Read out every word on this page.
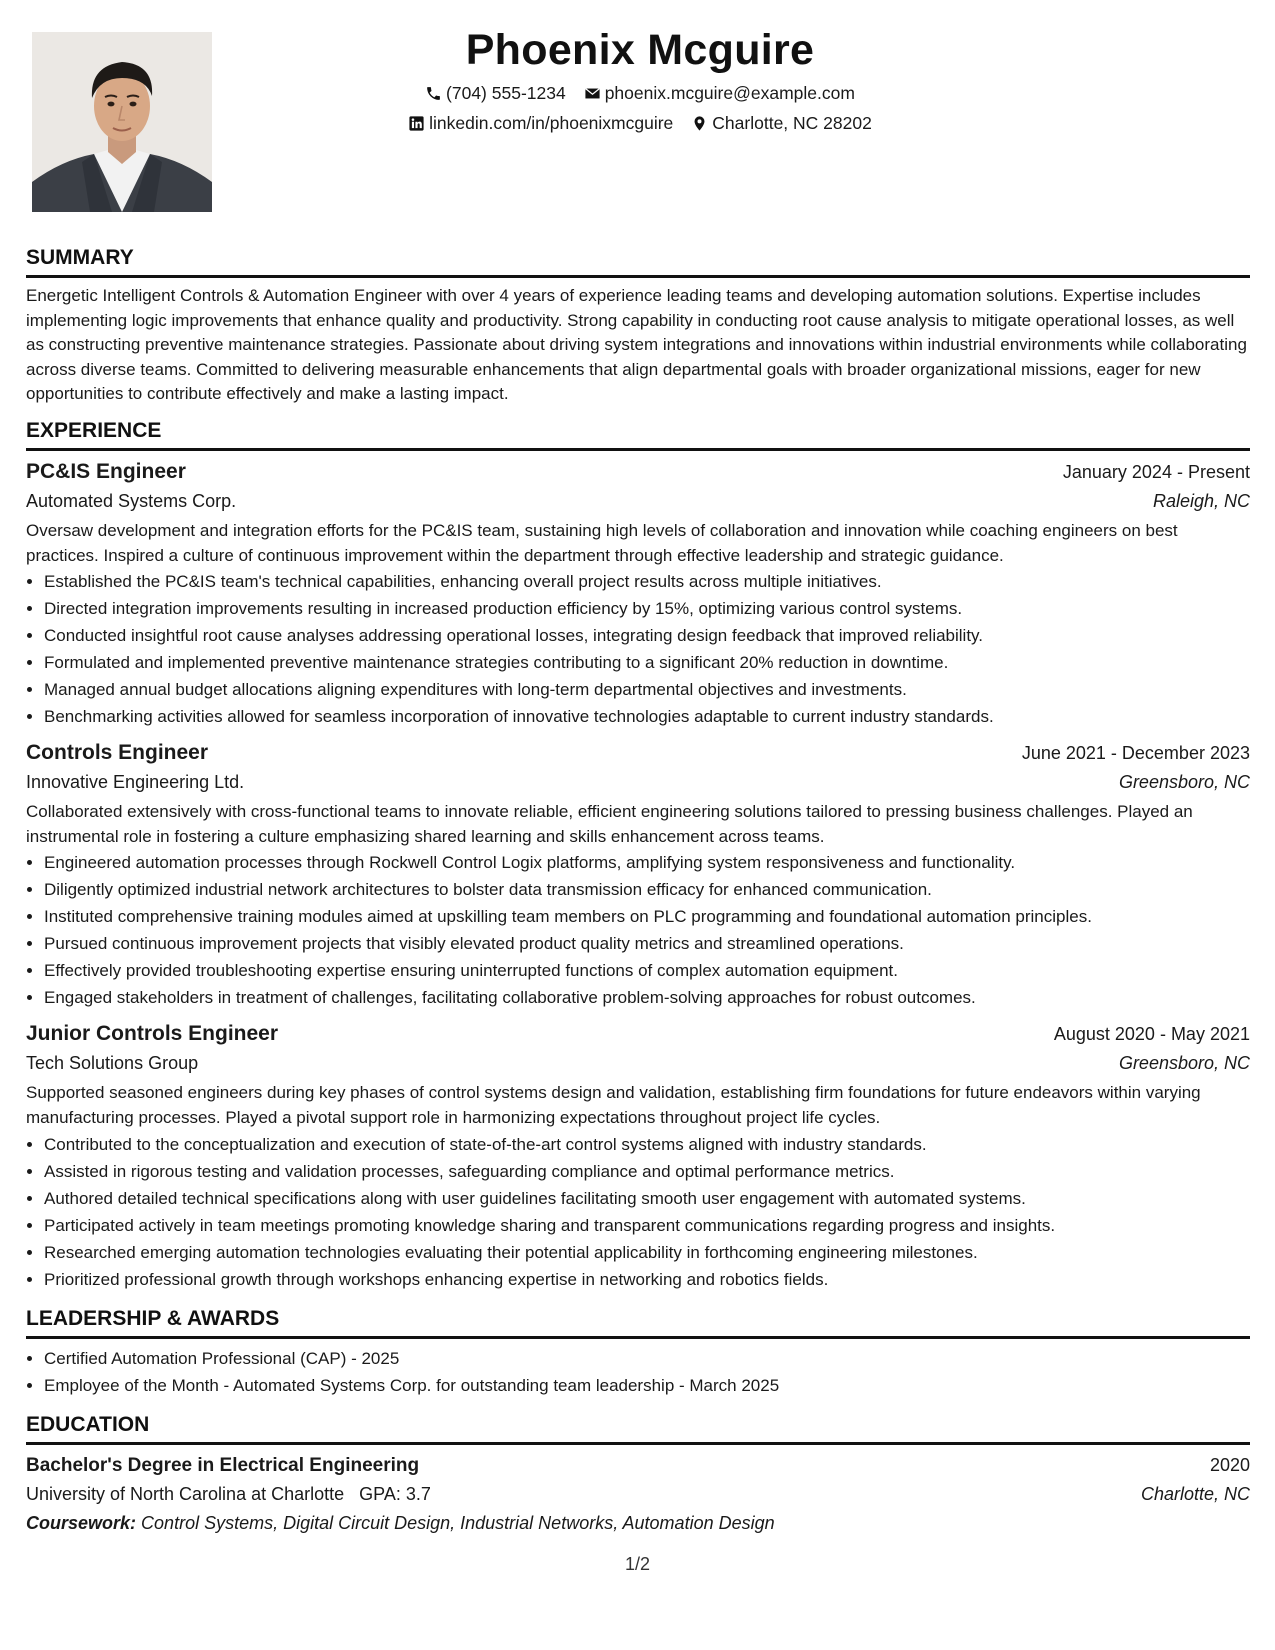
Phoenix Mcguire
(704) 555-1234 phoenix.mcguire@example.com
linkedin.com/in/phoenixmcguire Charlotte, NC 28202
SUMMARY

Energetic Intelligent Controls & Automation Engineer with over 4 years of experience leading teams and developing automation solutions. Expertise includes implementing logic improvements that enhance quality and productivity. Strong capability in conducting root cause analysis to mitigate operational losses, as well as constructing preventive maintenance strategies. Passionate about driving system integrations and innovations within industrial environments while collaborating across diverse teams. Committed to delivering measurable enhancements that align departmental goals with broader organizational missions, eager for new opportunities to contribute effectively and make a lasting impact.

EXPERIENCE
PC&IS Engineer	January 2024 - Present
Automated Systems Corp.	Raleigh, NC

Oversaw development and integration efforts for the PC&IS team, sustaining high levels of collaboration and innovation while coaching engineers on best practices. Inspired a culture of continuous improvement within the department through effective leadership and strategic guidance.

• Established the PC&IS team's technical capabilities, enhancing overall project results across multiple initiatives.
• Directed integration improvements resulting in increased production efficiency by 15%, optimizing various control systems.
• Conducted insightful root cause analyses addressing operational losses, integrating design feedback that improved reliability.
• Formulated and implemented preventive maintenance strategies contributing to a significant 20% reduction in downtime.
• Managed annual budget allocations aligning expenditures with long-term departmental objectives and investments.
• Benchmarking activities allowed for seamless incorporation of innovative technologies adaptable to current industry standards.
Controls Engineer	June 2021 - December 2023
Innovative Engineering Ltd.	Greensboro, NC

Collaborated extensively with cross-functional teams to innovate reliable, efficient engineering solutions tailored to pressing business challenges. Played an instrumental role in fostering a culture emphasizing shared learning and skills enhancement across teams.

• Engineered automation processes through Rockwell Control Logix platforms, amplifying system responsiveness and functionality.
• Diligently optimized industrial network architectures to bolster data transmission efficacy for enhanced communication.
• Instituted comprehensive training modules aimed at upskilling team members on PLC programming and foundational automation principles.
• Pursued continuous improvement projects that visibly elevated product quality metrics and streamlined operations.
• Effectively provided troubleshooting expertise ensuring uninterrupted functions of complex automation equipment.
• Engaged stakeholders in treatment of challenges, facilitating collaborative problem-solving approaches for robust outcomes.
Junior Controls Engineer	August 2020 - May 2021
Tech Solutions Group	Greensboro, NC

Supported seasoned engineers during key phases of control systems design and validation, establishing firm foundations for future endeavors within varying manufacturing processes. Played a pivotal support role in harmonizing expectations throughout project life cycles.

• Contributed to the conceptualization and execution of state-of-the-art control systems aligned with industry standards.
• Assisted in rigorous testing and validation processes, safeguarding compliance and optimal performance metrics.
• Authored detailed technical specifications along with user guidelines facilitating smooth user engagement with automated systems.
• Participated actively in team meetings promoting knowledge sharing and transparent communications regarding progress and insights.
• Researched emerging automation technologies evaluating their potential applicability in forthcoming engineering milestones.
• Prioritized professional growth through workshops enhancing expertise in networking and robotics fields.
LEADERSHIP & AWARDS
• Certified Automation Professional (CAP) - 2025
• Employee of the Month - Automated Systems Corp. for outstanding team leadership - March 2025
EDUCATION
Bachelor's Degree in Electrical Engineering	2020
University of North Carolina at Charlotte GPA: 3.7	Charlotte, NC
Coursework: Control Systems, Digital Circuit Design, Industrial Networks, Automation Design
1/2
